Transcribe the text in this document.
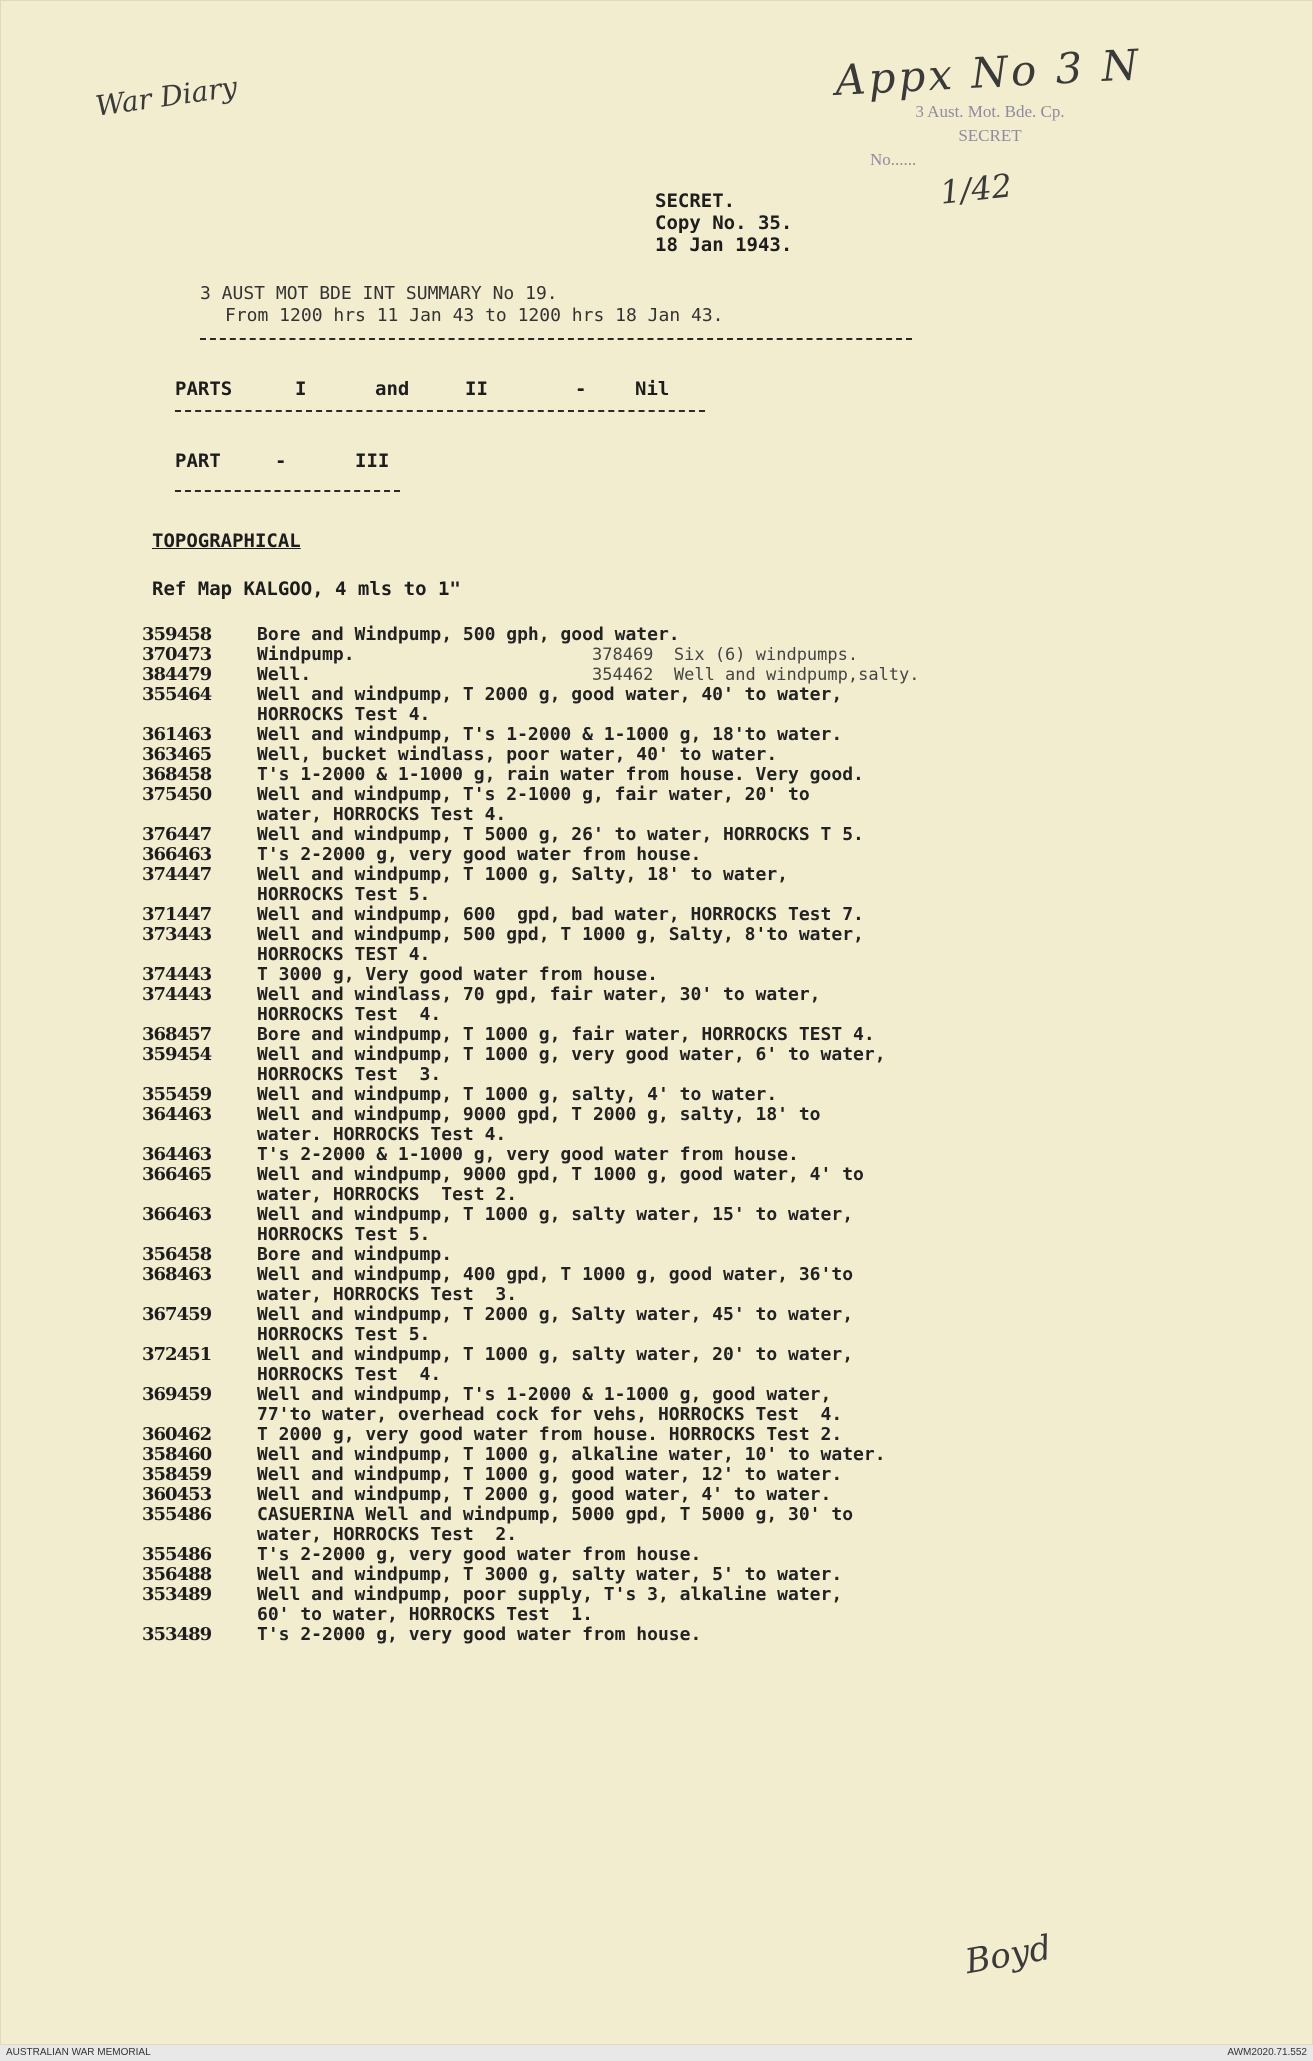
War Diary	Appx No 3 N
1/42
3 Aust. Mot. Bde. Cp.
SECRET
No......
SECRET.
Copy No. 35.
18 Jan 1943.
3 AUST MOT BDE INT SUMMARY No 19.
From 1200 hrs 11 Jan 43 to 1200 hrs 18 Jan 43.
PARTS	I	and	II	-	Nil
PART	-	III
TOPOGRAPHICAL
Ref Map KALGOO, 4 mls to 1"
359458	Bore and Windpump, 500 gph, good water.
370473	Windpump.	378469  Six (6) windpumps.
384479	Well.	354462  Well and windpump,salty.
355464	Well and windpump, T 2000 g, good water, 40' to water,
HORROCKS Test 4.
361463	Well and windpump, T's 1-2000 & 1-1000 g, 18'to water.
363465	Well, bucket windlass, poor water, 40' to water.
368458	T's 1-2000 & 1-1000 g, rain water from house. Very good.
375450	Well and windpump, T's 2-1000 g, fair water, 20' to
water, HORROCKS Test 4.
376447	Well and windpump, T 5000 g, 26' to water, HORROCKS T 5.
366463	T's 2-2000 g, very good water from house.
374447	Well and windpump, T 1000 g, Salty, 18' to water,
HORROCKS Test 5.
371447	Well and windpump, 600  gpd, bad water, HORROCKS Test 7.
373443	Well and windpump, 500 gpd, T 1000 g, Salty, 8'to water,
HORROCKS TEST 4.
374443	T 3000 g, Very good water from house.
374443	Well and windlass, 70 gpd, fair water, 30' to water,
HORROCKS Test  4.
368457	Bore and windpump, T 1000 g, fair water, HORROCKS TEST 4.
359454	Well and windpump, T 1000 g, very good water, 6' to water,
HORROCKS Test  3.
355459	Well and windpump, T 1000 g, salty, 4' to water.
364463	Well and windpump, 9000 gpd, T 2000 g, salty, 18' to
water. HORROCKS Test 4.
364463	T's 2-2000 & 1-1000 g, very good water from house.
366465	Well and windpump, 9000 gpd, T 1000 g, good water, 4' to
water, HORROCKS  Test 2.
366463	Well and windpump, T 1000 g, salty water, 15' to water,
HORROCKS Test 5.
356458	Bore and windpump.
368463	Well and windpump, 400 gpd, T 1000 g, good water, 36'to
water, HORROCKS Test  3.
367459	Well and windpump, T 2000 g, Salty water, 45' to water,
HORROCKS Test 5.
372451	Well and windpump, T 1000 g, salty water, 20' to water,
HORROCKS Test  4.
369459	Well and windpump, T's 1-2000 & 1-1000 g, good water,
77'to water, overhead cock for vehs, HORROCKS Test  4.
360462	T 2000 g, very good water from house. HORROCKS Test 2.
358460	Well and windpump, T 1000 g, alkaline water, 10' to water.
358459	Well and windpump, T 1000 g, good water, 12' to water.
360453	Well and windpump, T 2000 g, good water, 4' to water.
355486	CASUERINA Well and windpump, 5000 gpd, T 5000 g, 30' to
water, HORROCKS Test  2.
355486	T's 2-2000 g, very good water from house.
356488	Well and windpump, T 3000 g, salty water, 5' to water.
353489	Well and windpump, poor supply, T's 3, alkaline water,
60' to water, HORROCKS Test  1.
353489	T's 2-2000 g, very good water from house.
Boyd
AUSTRALIAN WAR MEMORIAL	AWM2020.71.552
